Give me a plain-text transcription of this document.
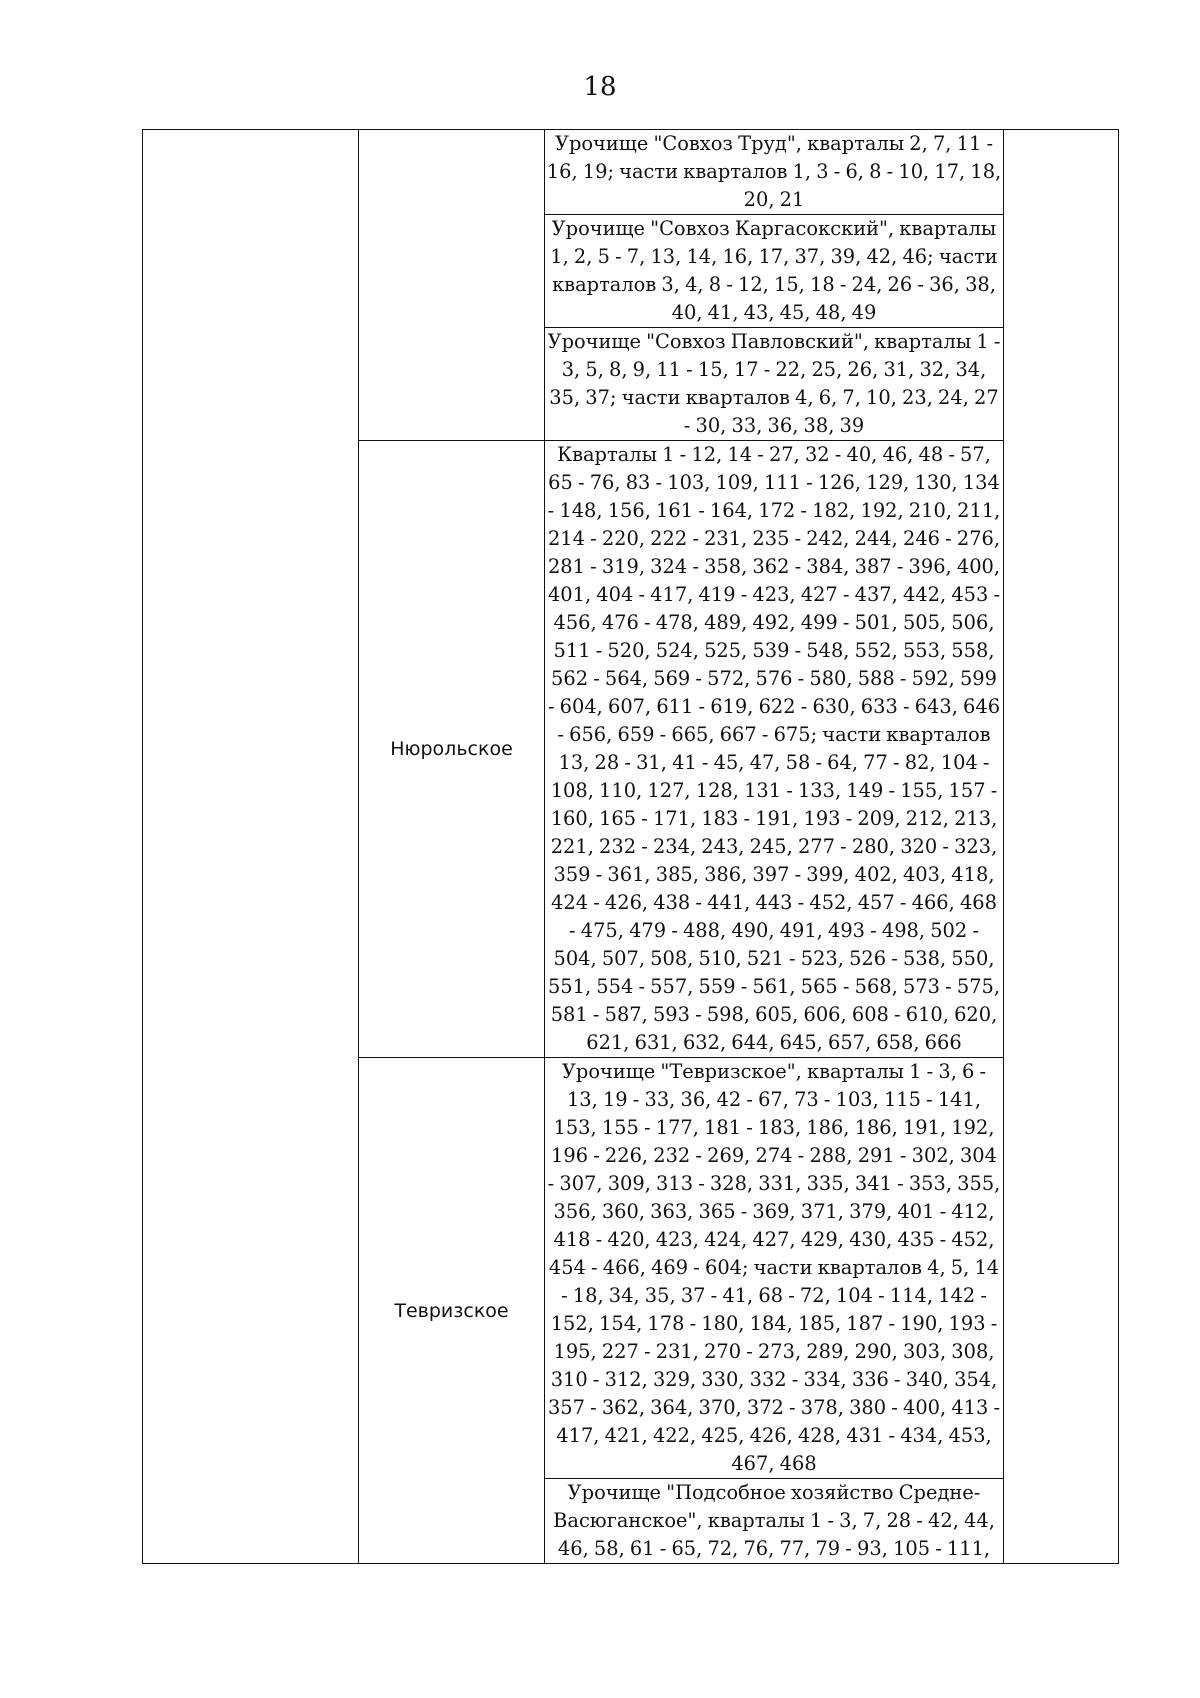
18

		Урочище "Совхоз Труд", кварталы 2, 7, 11 - 16, 19; части кварталов 1, 3 - 6, 8 - 10, 17, 18, 20, 21	

		Урочище "Совхоз Каргасокский", кварталы 1, 2, 5 - 7, 13, 14, 16, 17, 37, 39, 42, 46; части кварталов 3, 4, 8 - 12, 15, 18 - 24, 26 - 36, 38, 40, 41, 43, 45, 48, 49	

		Урочище "Совхоз Павловский", кварталы 1 - 3, 5, 8, 9, 11 - 15, 17 - 22, 25, 26, 31, 32, 34, 35, 37; части кварталов 4, 6, 7, 10, 23, 24, 27 - 30, 33, 36, 38, 39	

	Нюрольское	Кварталы 1 - 12, 14 - 27, 32 - 40, 46, 48 - 57, 65 - 76, 83 - 103, 109, 111 - 126, 129, 130, 134 - 148, 156, 161 - 164, 172 - 182, 192, 210, 211, 214 - 220, 222 - 231, 235 - 242, 244, 246 - 276, 281 - 319, 324 - 358, 362 - 384, 387 - 396, 400, 401, 404 - 417, 419 - 423, 427 - 437, 442, 453 - 456, 476 - 478, 489, 492, 499 - 501, 505, 506, 511 - 520, 524, 525, 539 - 548, 552, 553, 558, 562 - 564, 569 - 572, 576 - 580, 588 - 592, 599 - 604, 607, 611 - 619, 622 - 630, 633 - 643, 646 - 656, 659 - 665, 667 - 675; части кварталов 13, 28 - 31, 41 - 45, 47, 58 - 64, 77 - 82, 104 - 108, 110, 127, 128, 131 - 133, 149 - 155, 157 - 160, 165 - 171, 183 - 191, 193 - 209, 212, 213, 221, 232 - 234, 243, 245, 277 - 280, 320 - 323, 359 - 361, 385, 386, 397 - 399, 402, 403, 418, 424 - 426, 438 - 441, 443 - 452, 457 - 466, 468 - 475, 479 - 488, 490, 491, 493 - 498, 502 - 504, 507, 508, 510, 521 - 523, 526 - 538, 550, 551, 554 - 557, 559 - 561, 565 - 568, 573 - 575, 581 - 587, 593 - 598, 605, 606, 608 - 610, 620, 621, 631, 632, 644, 645, 657, 658, 666	

	Тевризское	Урочище "Тевризское", кварталы 1 - 3, 6 - 13, 19 - 33, 36, 42 - 67, 73 - 103, 115 - 141, 153, 155 - 177, 181 - 183, 186, 186, 191, 192, 196 - 226, 232 - 269, 274 - 288, 291 - 302, 304 - 307, 309, 313 - 328, 331, 335, 341 - 353, 355, 356, 360, 363, 365 - 369, 371, 379, 401 - 412, 418 - 420, 423, 424, 427, 429, 430, 435 - 452, 454 - 466, 469 - 604; части кварталов 4, 5, 14 - 18, 34, 35, 37 - 41, 68 - 72, 104 - 114, 142 - 152, 154, 178 - 180, 184, 185, 187 - 190, 193 - 195, 227 - 231, 270 - 273, 289, 290, 303, 308, 310 - 312, 329, 330, 332 - 334, 336 - 340, 354, 357 - 362, 364, 370, 372 - 378, 380 - 400, 413 - 417, 421, 422, 425, 426, 428, 431 - 434, 453, 467, 468	

		Урочище "Подсобное хозяйство Средне-Васюганское", кварталы 1 - 3, 7, 28 - 42, 44, 46, 58, 61 - 65, 72, 76, 77, 79 - 93, 105 - 111,	
